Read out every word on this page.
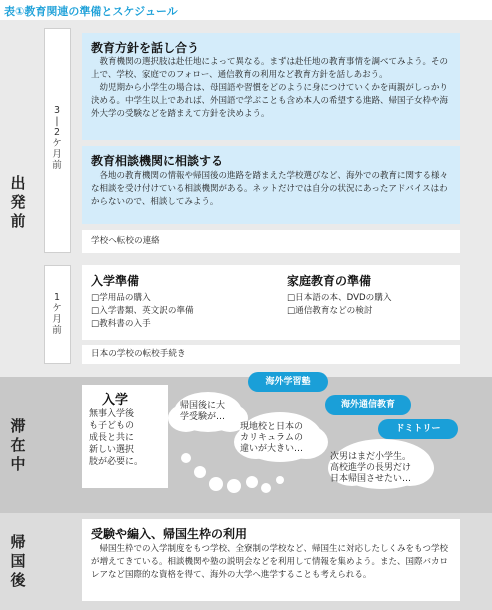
表①教育関連の準備とスケジュール
出
発
前
滞
在
中
帰
国
後
3
|
2
ケ
月
前
1
ケ
月
前
教育方針を話し合う

教育機関の選択肢は赴任地によって異なる。まずは赴任地の教育事情を調べてみよう。その上で、学校、家庭でのフォロー、通信教育の利用など教育方針を話しあおう。

幼児期から小学生の場合は、母国語や習慣をどのように身につけていくかを両親がしっかり決める。中学生以上であれば、外国語で学ぶことも含め本人の希望する進路、帰国子女枠や海外大学の受験などを踏まえて方針を決めよう。

教育相談機関に相談する

各地の教育機関の情報や帰国後の進路を踏まえた学校選びなど、海外での教育に関する様々な相談を受け付けている相談機関がある。ネットだけでは自分の状況にあったアドバイスはわからないので、相談してみよう。

学校へ転校の連絡
入学準備
□学用品の購入
□入学書類、英文訳の準備
□教科書の入手
家庭教育の準備
□日本語の本、DVDの購入
□通信教育などの検討
日本の学校の転校手続き
入学
無事入学後
も子どもの
成長と共に
新しい選択
肢が必要に。
海外学習塾
海外通信教育
ドミトリー
帰国後に大
学受験が…
現地校と日本の
カリキュラムの
違いが大きい…
次男はまだ小学生。
高校進学の長男だけ
日本帰国させたい…
受験や編入、帰国生枠の利用

帰国生枠での入学制度をもつ学校、全寮制の学校など、帰国生に対応したしくみをもつ学校が増えてきている。相談機関や塾の説明会などを利用して情報を集めよう。また、国際バカロレアなど国際的な資格を得て、海外の大学へ進学することも考えられる。
